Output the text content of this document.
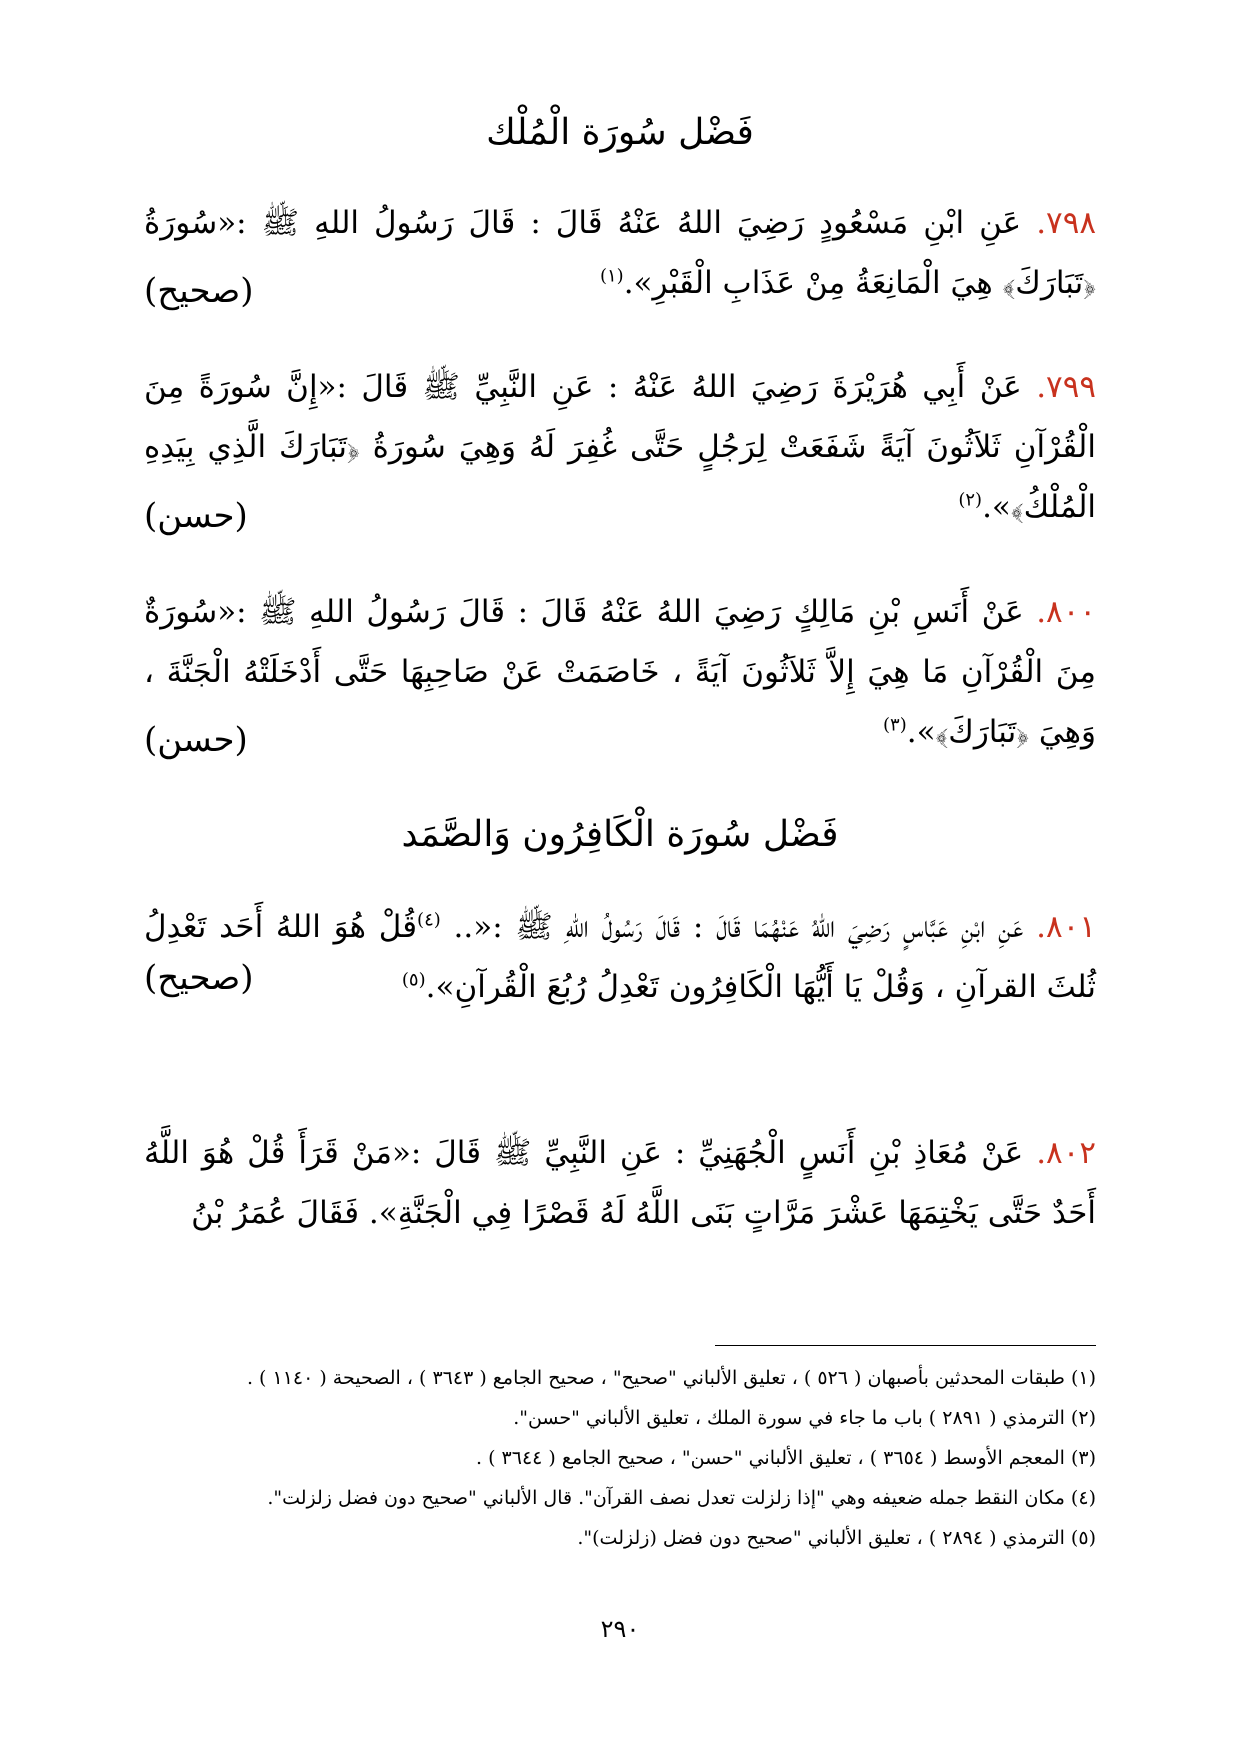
فَضْل سُورَة الْمُلْك

٧٩٨. عَنِ ابْنِ مَسْعُودٍ رَضِيَ اللهُ عَنْهُ قَالَ : قَالَ رَسُولُ اللهِ ﷺ :«سُورَةُ ﴿تَبَارَكَ﴾ هِيَ الْمَانِعَةُ مِنْ عَذَابِ الْقَبْرِ».$^{(١)}$

(صحيح)

٧٩٩. عَنْ أَبِي هُرَيْرَةَ رَضِيَ اللهُ عَنْهُ : عَنِ النَّبِيِّ ﷺ قَالَ :«إِنَّ سُورَةً مِنَ الْقُرْآنِ ثَلاَثُونَ آيَةً شَفَعَتْ لِرَجُلٍ حَتَّى غُفِرَ لَهُ وَهِيَ سُورَةُ ﴿تَبَارَكَ الَّذِي بِيَدِهِ الْمُلْكُ﴾».$^{(٢)}$

(حسن)

٨٠٠. عَنْ أَنَسِ بْنِ مَالِكٍ رَضِيَ اللهُ عَنْهُ قَالَ : قَالَ رَسُولُ اللهِ ﷺ :«سُورَةٌ مِنَ الْقُرْآنِ مَا هِيَ إِلاَّ ثَلاَثُونَ آيَةً ، خَاصَمَتْ عَنْ صَاحِبِهَا حَتَّى أَدْخَلَتْهُ الْجَنَّةَ ، وَهِيَ ﴿تَبَارَكَ﴾».$^{(٣)}$

(حسن)
فَضْل سُورَة الْكَافِرُون وَالصَّمَد

٨٠١. عَنِ ابْنِ عَبَّاسٍ رَضِيَ اللهُ عَنْهُمَا قَالَ : قَالَ رَسُولُ اللهِ ﷺ :«.. $^{(٤)}$قُلْ هُوَ اللهُ أَحَد تَعْدِلُ ثُلثَ القرآنِ ، وَقُلْ يَا أَيُّهَا الْكَافِرُون تَعْدِلُ رُبُعَ الْقُرآنِ».$^{(٥)}$

(صحيح)

٨٠٢. عَنْ مُعَاذِ بْنِ أَنَسٍ الْجُهَنِيِّ : عَنِ النَّبِيِّ ﷺ قَالَ :«مَنْ قَرَأَ قُلْ هُوَ اللَّهُ أَحَدٌ حَتَّى يَخْتِمَهَا عَشْرَ مَرَّاتٍ بَنَى اللَّهُ لَهُ قَصْرًا فِي الْجَنَّةِ». فَقَالَ عُمَرُ بْنُ

(١) طبقات المحدثين بأصبهان ( ٥٢٦ ) ، تعليق الألباني "صحيح" ، صحيح الجامع ( ٣٦٤٣ ) ، الصحيحة ( ١١٤٠ ) .

(٢) الترمذي ( ٢٨٩١ ) باب ما جاء في سورة الملك ، تعليق الألباني "حسن".

(٣) المعجم الأوسط ( ٣٦٥٤ ) ، تعليق الألباني "حسن" ، صحيح الجامع ( ٣٦٤٤ ) .

(٤) مكان النقط جمله ضعيفه وهي "إذا زلزلت تعدل نصف القرآن". قال الألباني "صحيح دون فضل زلزلت".

(٥) الترمذي ( ٢٨٩٤ ) ، تعليق الألباني "صحيح دون فضل (زلزلت)".

٢٩٠
